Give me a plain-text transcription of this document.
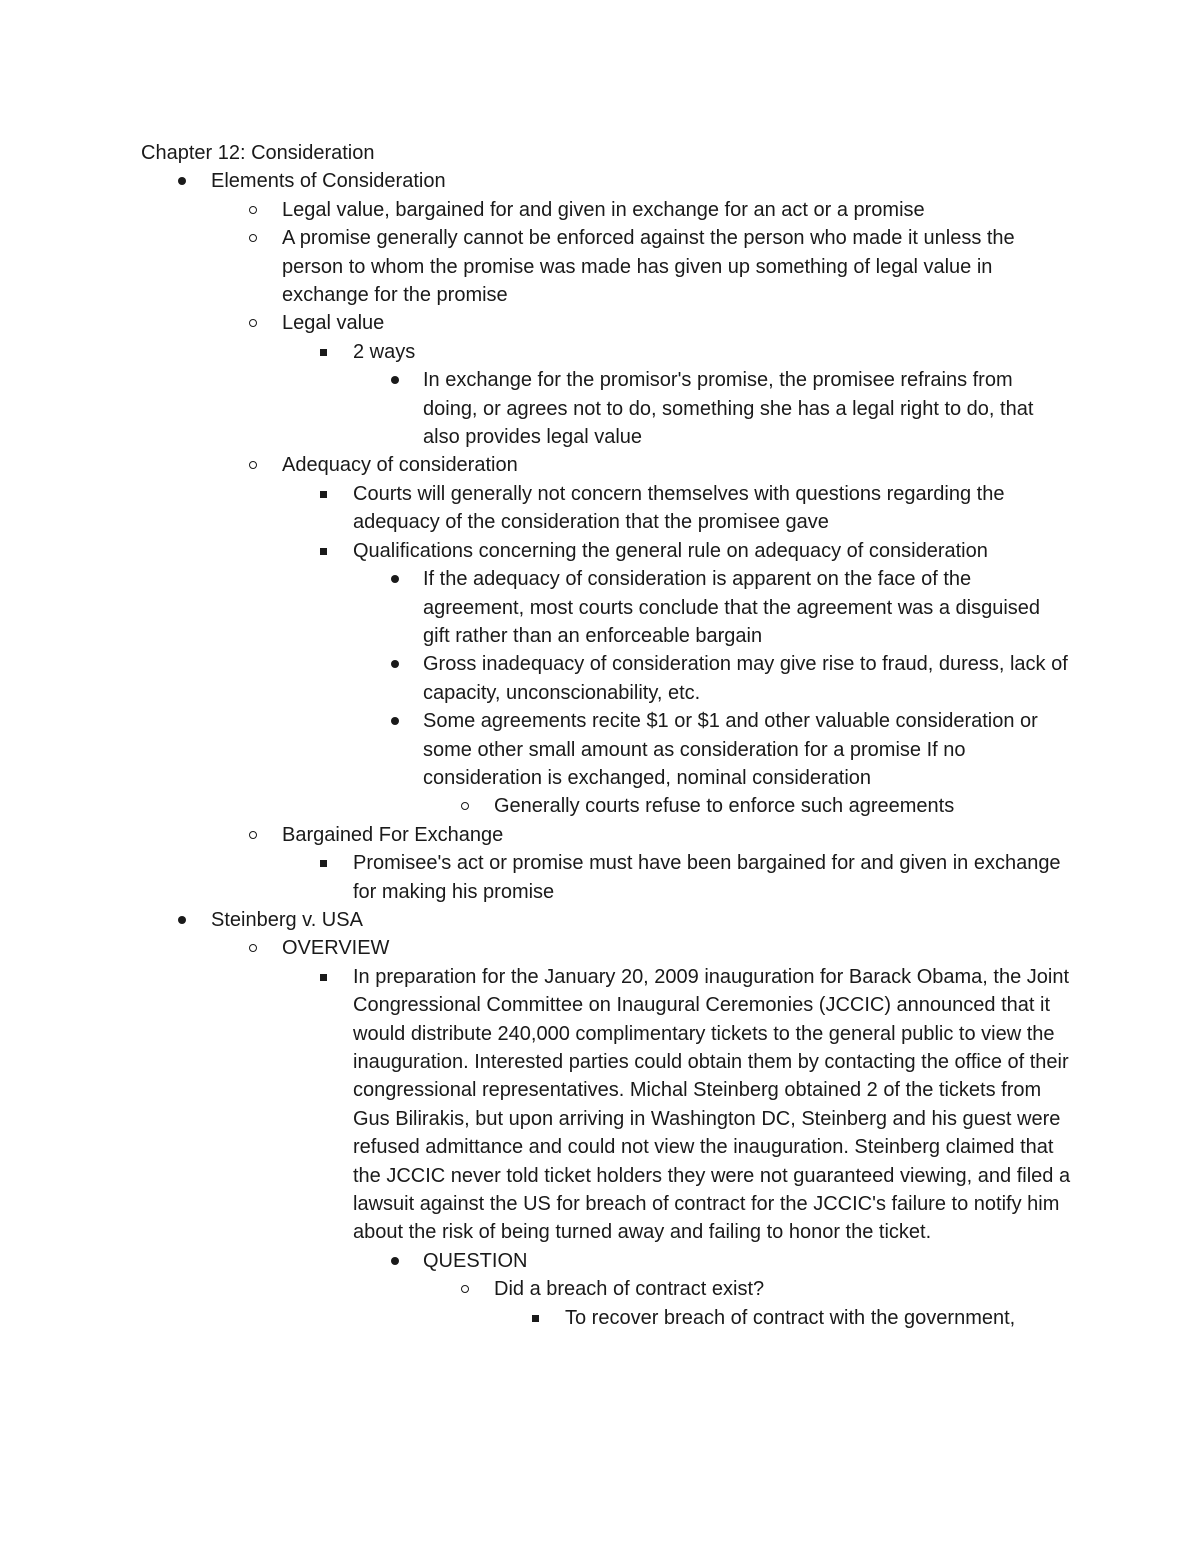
Chapter 12: Consideration
Elements of Consideration
Legal value, bargained for and given in exchange for an act or a promise
A promise generally cannot be enforced against the person who made it unless the person to whom the promise was made has given up something of legal value in exchange for the promise
Legal value
2 ways
In exchange for the promisor's promise, the promisee refrains from doing, or agrees not to do, something she has a legal right to do, that also provides legal value
Adequacy of consideration
Courts will generally not concern themselves with questions regarding the adequacy of the consideration that the promisee gave
Qualifications concerning the general rule on adequacy of consideration
If the adequacy of consideration is apparent on the face of the agreement, most courts conclude that the agreement was a disguised gift rather than an enforceable bargain
Gross inadequacy of consideration may give rise to fraud, duress, lack of capacity, unconscionability, etc.
Some agreements recite $1 or $1 and other valuable consideration or some other small amount as consideration for a promise If no consideration is exchanged, nominal consideration
Generally courts refuse to enforce such agreements
Bargained For Exchange
Promisee's act or promise must have been bargained for and given in exchange for making his promise
Steinberg v. USA
OVERVIEW
In preparation for the January 20, 2009 inauguration for Barack Obama, the Joint Congressional Committee on Inaugural Ceremonies (JCCIC) announced that it would distribute 240,000 complimentary tickets to the general public to view the inauguration. Interested parties could obtain them by contacting the office of their congressional representatives. Michal Steinberg obtained 2 of the tickets from Gus Bilirakis, but upon arriving in Washington DC, Steinberg and his guest were refused admittance and could not view the inauguration. Steinberg claimed that the JCCIC never told ticket holders they were not guaranteed viewing, and filed a lawsuit against the US for breach of contract for the JCCIC's failure to notify him about the risk of being turned away and failing to honor the ticket.
QUESTION
Did a breach of contract exist?
To recover breach of contract with the government,
